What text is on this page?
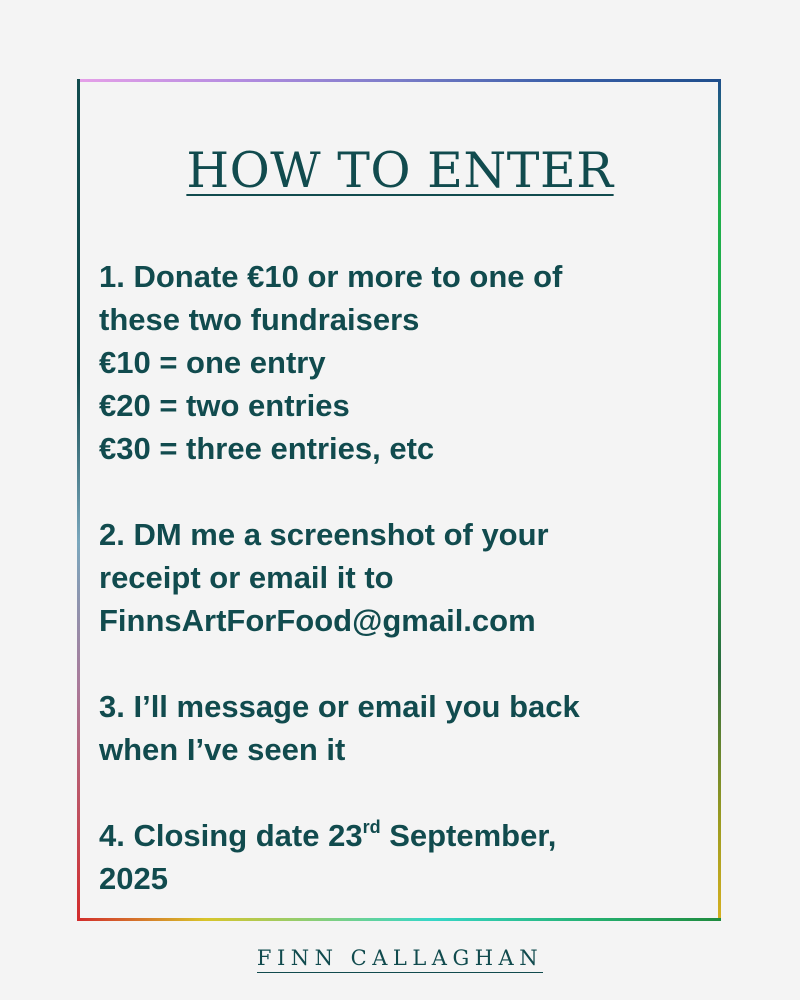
HOW TO ENTER
1. Donate €10 or more to one of
these two fundraisers
€10 = one entry
€20 = two entries
€30 = three entries, etc
2. DM me a screenshot of your
receipt or email it to
FinnsArtForFood@gmail.com
3. I’ll message or email you back
when I’ve seen it
4. Closing date 23rd September,
2025
FINN CALLAGHAN
